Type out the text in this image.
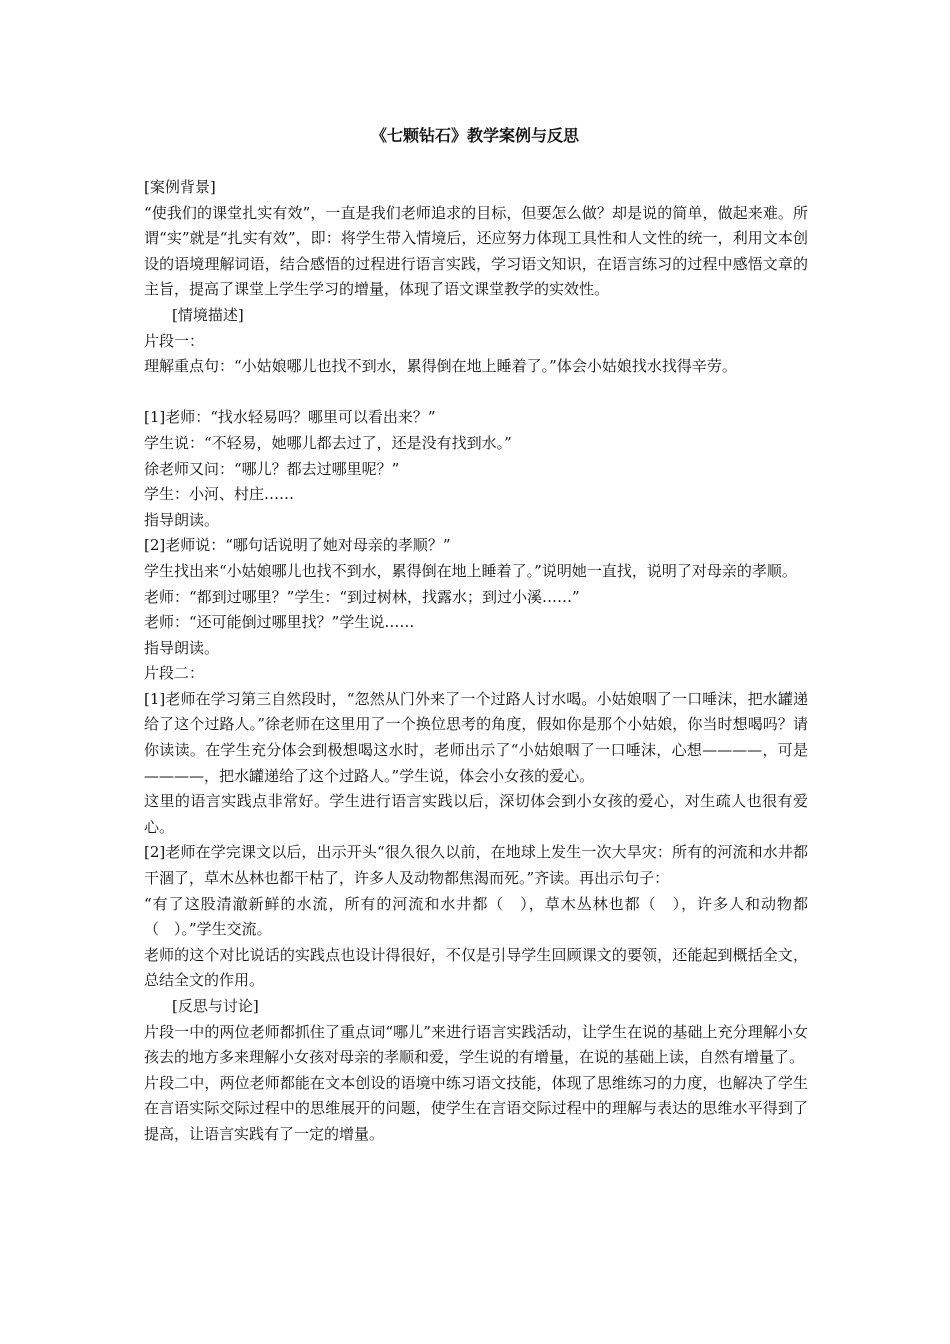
《七颗钻石》教学案例与反思

[案例背景]

“使我们的课堂扎实有效”，一直是我们老师追求的目标，但要怎么做？却是说的简单，做起来难。所谓“实”就是“扎实有效”，即：将学生带入情境后，还应努力体现工具性和人文性的统一，利用文本创设的语境理解词语，结合感悟的过程进行语言实践，学习语文知识，在语言练习的过程中感悟文章的主旨，提高了课堂上学生学习的增量，体现了语文课堂教学的实效性。

[情境描述]

片段一：

理解重点句：“小姑娘哪儿也找不到水，累得倒在地上睡着了。”体会小姑娘找水找得辛劳。

[1]老师：“找水轻易吗？哪里可以看出来？”

学生说：“不轻易，她哪儿都去过了，还是没有找到水。”

徐老师又问：“哪儿？都去过哪里呢？”

学生：小河、村庄……

指导朗读。

[2]老师说：“哪句话说明了她对母亲的孝顺？”

学生找出来“小姑娘哪儿也找不到水，累得倒在地上睡着了。”说明她一直找，说明了对母亲的孝顺。

老师：“都到过哪里？”学生：“到过树林，找露水；到过小溪……”

老师：“还可能倒过哪里找？”学生说……

指导朗读。

片段二：

[1]老师在学习第三自然段时，“忽然从门外来了一个过路人讨水喝。小姑娘咽了一口唾沫，把水罐递给了这个过路人。”徐老师在这里用了一个换位思考的角度，假如你是那个小姑娘，你当时想喝吗？请你读读。在学生充分体会到极想喝这水时，老师出示了“小姑娘咽了一口唾沫，心想————，可是————，把水罐递给了这个过路人。”学生说，体会小女孩的爱心。

这里的语言实践点非常好。学生进行语言实践以后，深切体会到小女孩的爱心，对生疏人也很有爱心。

[2]老师在学完课文以后，出示开头“很久很久以前，在地球上发生一次大旱灾：所有的河流和水井都干涸了，草木丛林也都干枯了，许多人及动物都焦渴而死。”齐读。再出示句子：

“有了这股清澈新鲜的水流，所有的河流和水井都（　），草木丛林也都（　），许多人和动物都（　）。”学生交流。

老师的这个对比说话的实践点也设计得很好，不仅是引导学生回顾课文的要领，还能起到概括全文，总结全文的作用。

[反思与讨论]

片段一中的两位老师都抓住了重点词“哪儿”来进行语言实践活动，让学生在说的基础上充分理解小女孩去的地方多来理解小女孩对母亲的孝顺和爱，学生说的有增量，在说的基础上读，自然有增量了。

片段二中，两位老师都能在文本创设的语境中练习语文技能，体现了思维练习的力度，也解决了学生在言语实际交际过程中的思维展开的问题，使学生在言语交际过程中的理解与表达的思维水平得到了提高，让语言实践有了一定的增量。
